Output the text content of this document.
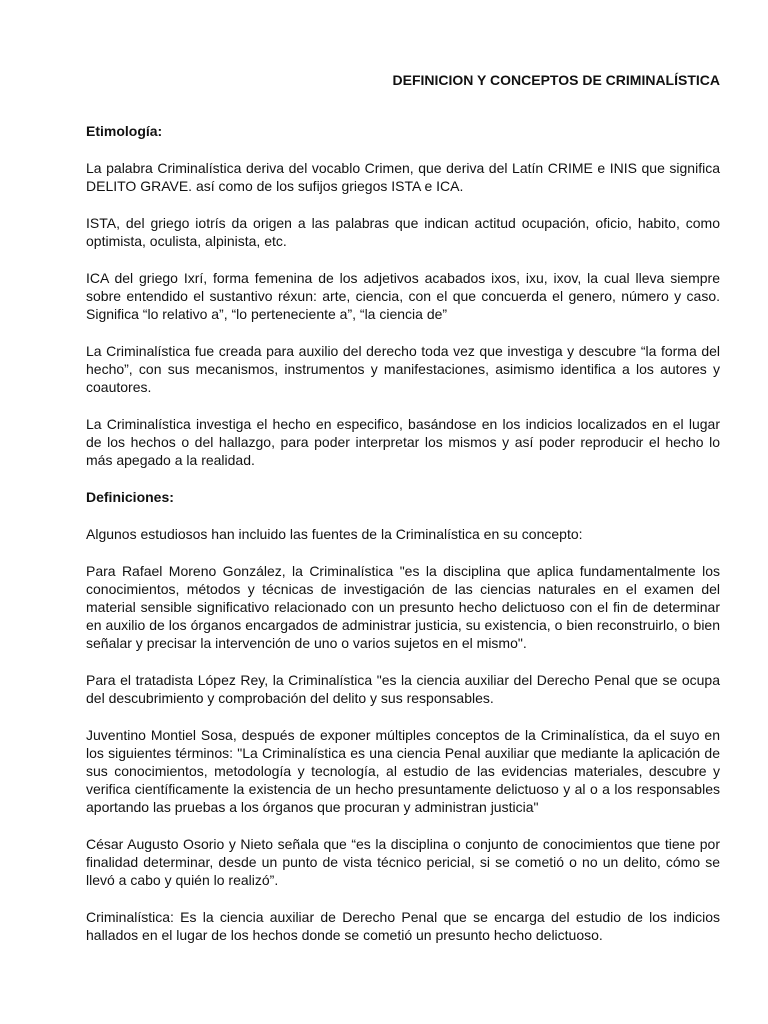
DEFINICION Y CONCEPTOS DE CRIMINALÍSTICA
Etimología:

La palabra Criminalística deriva del vocablo Crimen, que deriva del Latín CRIME e INIS que significa DELITO GRAVE. así como de los sufijos griegos ISTA e ICA.

ISTA, del griego iotrís da origen a las palabras que indican actitud ocupación, oficio, habito, como optimista, oculista, alpinista, etc.

ICA del griego Ixrí, forma femenina de los adjetivos acabados ixos, ixu, ixov, la cual lleva siempre sobre entendido el sustantivo réxun: arte, ciencia, con el que concuerda el genero, número y caso. Significa “lo relativo a”, “lo perteneciente a”, “la ciencia de”

La Criminalística fue creada para auxilio del derecho toda vez que investiga y descubre “la forma del hecho”, con sus mecanismos, instrumentos y manifestaciones, asimismo identifica a los autores y coautores.

La Criminalística investiga el hecho en especifico, basándose en los indicios localizados en el lugar de los hechos o del hallazgo, para poder interpretar los mismos y así poder reproducir el hecho lo más apegado a la realidad.

Definiciones:

Algunos estudiosos han incluido las fuentes de la Criminalística en su concepto:

Para Rafael Moreno González, la Criminalística "es la disciplina que aplica fundamentalmente los conocimientos, métodos y técnicas de investigación de las ciencias naturales en el examen del material sensible significativo relacionado con un presunto hecho delictuoso con el fin de determinar en auxilio de los órganos encargados de administrar justicia, su existencia, o bien reconstruirlo, o bien señalar y precisar la intervención de uno o varios sujetos en el mismo".

Para el tratadista López Rey, la Criminalística "es la ciencia auxiliar del Derecho Penal que se ocupa del descubrimiento y comprobación del delito y sus responsables.

Juventino Montiel Sosa, después de exponer múltiples conceptos de la Criminalística, da el suyo en los siguientes términos: "La Criminalística es una ciencia Penal auxiliar que mediante la aplicación de sus conocimientos, metodología y tecnología, al estudio de las evidencias materiales, descubre y verifica científicamente la existencia de un hecho presuntamente delictuoso y al o a los responsables aportando las pruebas a los órganos que procuran y administran justicia"

César Augusto Osorio y Nieto señala que “es la disciplina o conjunto de conocimientos que tiene por finalidad determinar, desde un punto de vista técnico pericial, si se cometió o no un delito, cómo se llevó a cabo y quién lo realizó”.

Criminalística: Es la ciencia auxiliar de Derecho Penal que se encarga del estudio de los indicios hallados en el lugar de los hechos donde se cometió un presunto hecho delictuoso.
